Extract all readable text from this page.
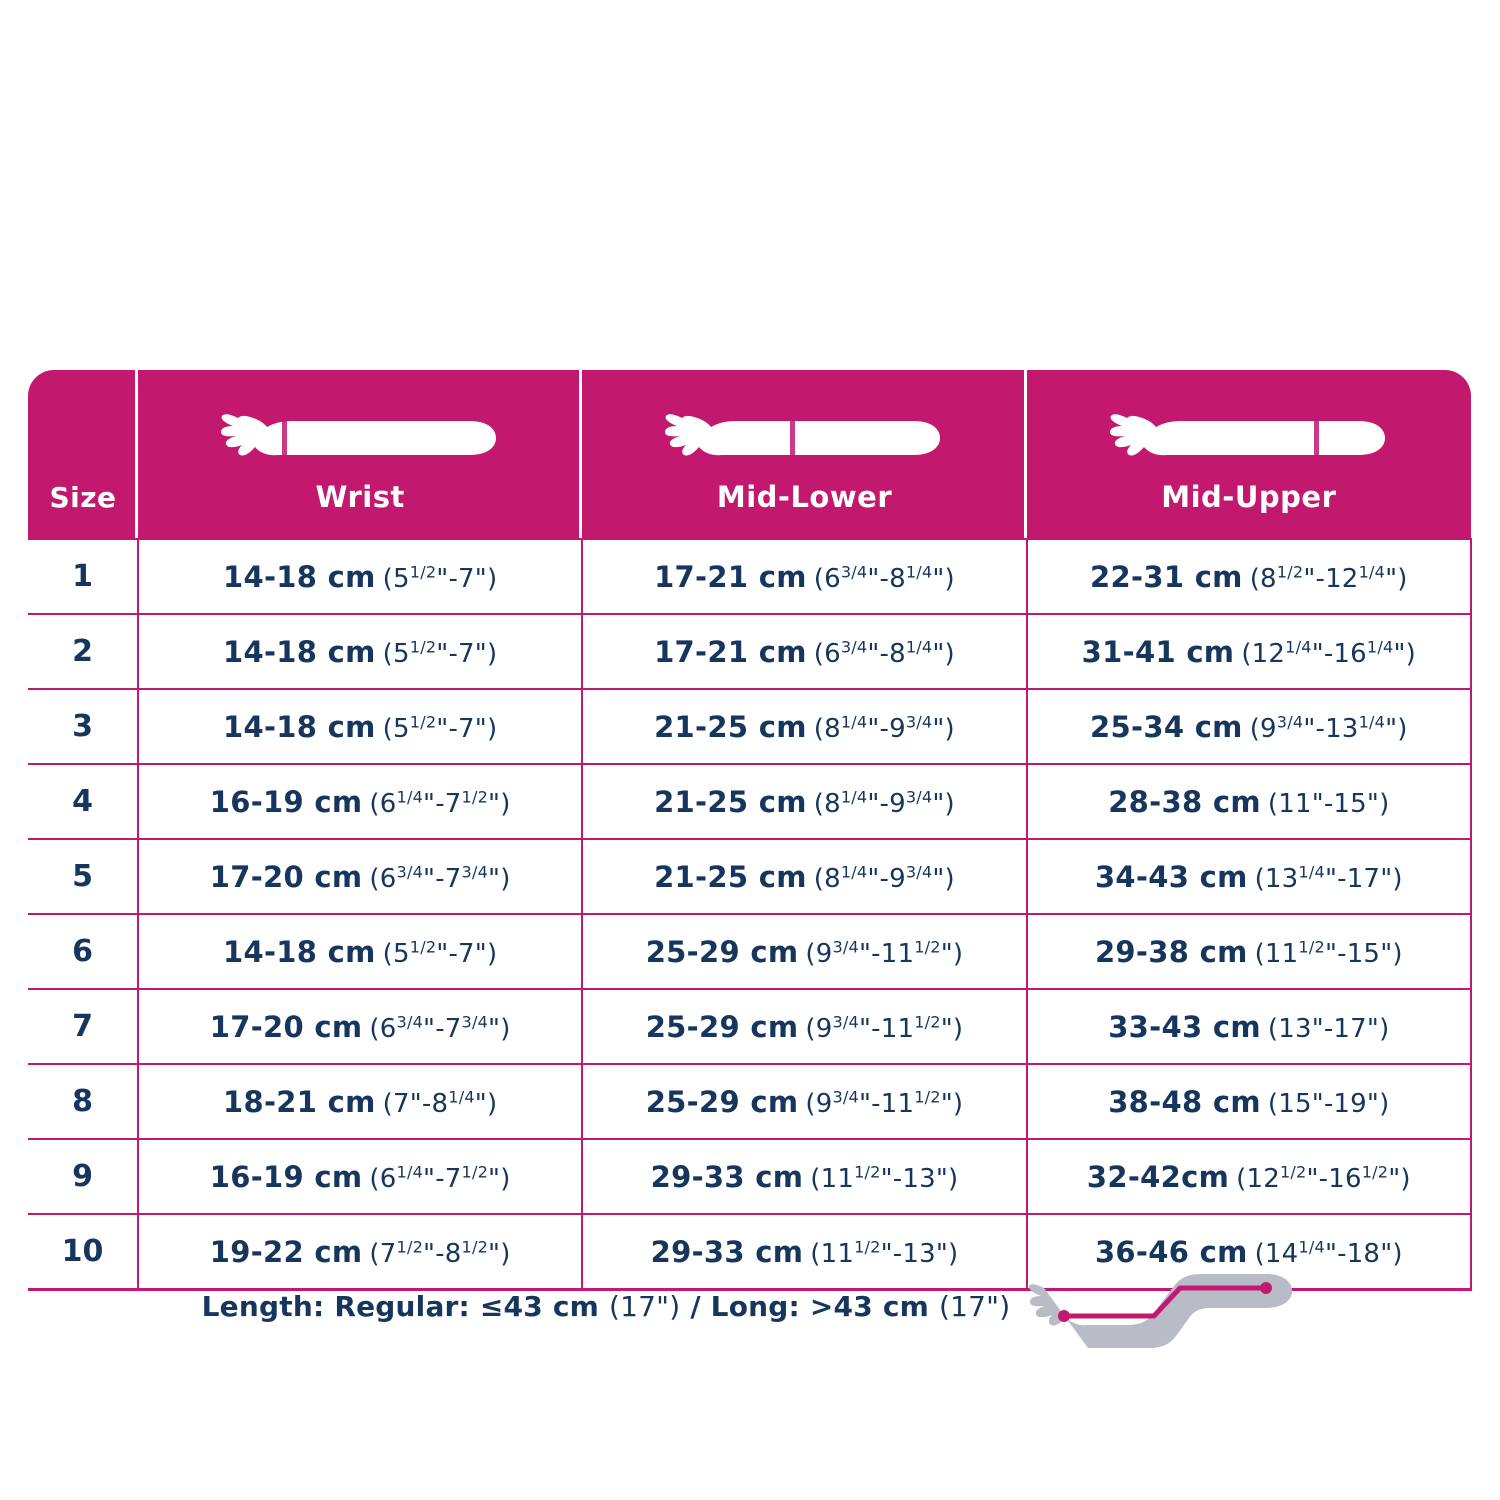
Size	Wrist	Mid-Lower	Mid-Upper

1	14-18 cm $(5^{1/2}"-7")$	17-21 cm $(6^{3/4}"-8^{1/4}")$	22-31 cm $(8^{1/2}"-12^{1/4}")$
2	14-18 cm $(5^{1/2}"-7")$	17-21 cm $(6^{3/4}"-8^{1/4}")$	31-41 cm $(12^{1/4}"-16^{1/4}")$
3	14-18 cm $(5^{1/2}"-7")$	21-25 cm $(8^{1/4}"-9^{3/4}")$	25-34 cm $(9^{3/4}"-13^{1/4}")$
4	16-19 cm $(6^{1/4}"-7^{1/2}")$	21-25 cm $(8^{1/4}"-9^{3/4}")$	28-38 cm (11"-15")
5	17-20 cm $(6^{3/4}"-7^{3/4}")$	21-25 cm $(8^{1/4}"-9^{3/4}")$	34-43 cm $(13^{1/4}"-17")$
6	14-18 cm $(5^{1/2}"-7")$	25-29 cm $(9^{3/4}"-11^{1/2}")$	29-38 cm $(11^{1/2}"-15")$
7	17-20 cm $(6^{3/4}"-7^{3/4}")$	25-29 cm $(9^{3/4}"-11^{1/2}")$	33-43 cm (13"-17")
8	18-21 cm $(7"-8^{1/4}")$	25-29 cm $(9^{3/4}"-11^{1/2}")$	38-48 cm (15"-19")
9	16-19 cm $(6^{1/4}"-7^{1/2}")$	29-33 cm $(11^{1/2}"-13")$	32-42cm $(12^{1/2}"-16^{1/2}")$
10	19-22 cm $(7^{1/2}"-8^{1/2}")$	29-33 cm $(11^{1/2}"-13")$	36-46 cm $(14^{1/4}"-18")$
Length: Regular: ≤43 cm (17") / Long: >43 cm (17")
